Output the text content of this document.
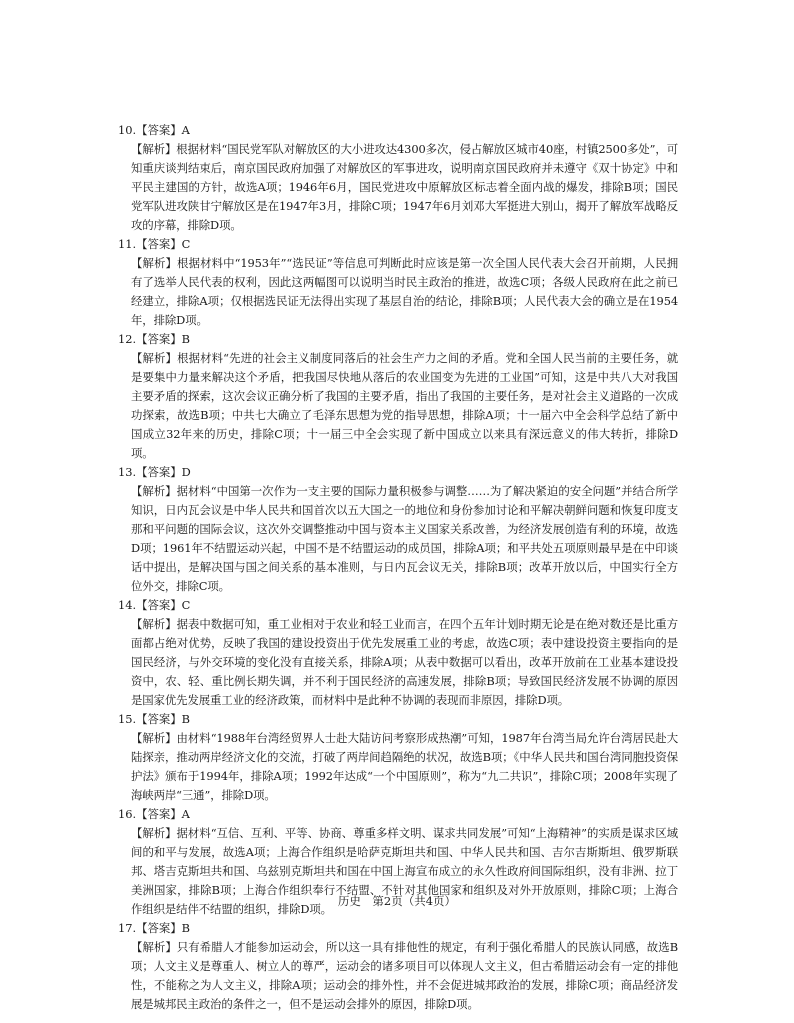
10.【答案】A

【解析】根据材料“国民党军队对解放区的大小进攻达4300多次，侵占解放区城市40座，村镇2500多处”，可知重庆谈判结束后，南京国民政府加强了对解放区的军事进攻，说明南京国民政府并未遵守《双十协定》中和平民主建国的方针，故选A项；1946年6月，国民党进攻中原解放区标志着全面内战的爆发，排除B项；国民党军队进攻陕甘宁解放区是在1947年3月，排除C项；1947年6月刘邓大军挺进大别山，揭开了解放军战略反攻的序幕，排除D项。

11.【答案】C

【解析】根据材料中“1953年”“选民证”等信息可判断此时应该是第一次全国人民代表大会召开前期，人民拥有了选举人民代表的权利，因此这两幅图可以说明当时民主政治的推进，故选C项；各级人民政府在此之前已经建立，排除A项；仅根据选民证无法得出实现了基层自治的结论，排除B项；人民代表大会的确立是在1954年，排除D项。

12.【答案】B

【解析】根据材料“先进的社会主义制度同落后的社会生产力之间的矛盾。党和全国人民当前的主要任务，就是要集中力量来解决这个矛盾，把我国尽快地从落后的农业国变为先进的工业国”可知，这是中共八大对我国主要矛盾的探索，这次会议正确分析了我国的主要矛盾，指出了我国的主要任务，是对社会主义道路的一次成功探索，故选B项；中共七大确立了毛泽东思想为党的指导思想，排除A项；十一届六中全会科学总结了新中国成立32年来的历史，排除C项；十一届三中全会实现了新中国成立以来具有深远意义的伟大转折，排除D项。

13.【答案】D

【解析】据材料“中国第一次作为一支主要的国际力量积极参与调整……为了解决紧迫的安全问题”并结合所学知识，日内瓦会议是中华人民共和国首次以五大国之一的地位和身份参加讨论和平解决朝鲜问题和恢复印度支那和平问题的国际会议，这次外交调整推动中国与资本主义国家关系改善，为经济发展创造有利的环境，故选D项；1961年不结盟运动兴起，中国不是不结盟运动的成员国，排除A项；和平共处五项原则最早是在中印谈话中提出，是解决国与国之间关系的基本准则，与日内瓦会议无关，排除B项；改革开放以后，中国实行全方位外交，排除C项。

14.【答案】C

【解析】据表中数据可知，重工业相对于农业和轻工业而言，在四个五年计划时期无论是在绝对数还是比重方面都占绝对优势，反映了我国的建设投资出于优先发展重工业的考虑，故选C项；表中建设投资主要指向的是国民经济，与外交环境的变化没有直接关系，排除A项；从表中数据可以看出，改革开放前在工业基本建设投资中，农、轻、重比例长期失调，并不利于国民经济的高速发展，排除B项；导致国民经济发展不协调的原因是国家优先发展重工业的经济政策，而材料中是此种不协调的表现而非原因，排除D项。

15.【答案】B

【解析】由材料“1988年台湾经贸界人士赴大陆访问考察形成热潮”可知，1987年台湾当局允许台湾居民赴大陆探亲，推动两岸经济文化的交流，打破了两岸间趋隔绝的状况，故选B项；《中华人民共和国台湾同胞投资保护法》颁布于1994年，排除A项；1992年达成“一个中国原则”，称为“九二共识”，排除C项；2008年实现了海峡两岸“三通”，排除D项。

16.【答案】A

【解析】据材料“互信、互利、平等、协商、尊重多样文明、谋求共同发展”可知“上海精神”的实质是谋求区域间的和平与发展，故选A项；上海合作组织是哈萨克斯坦共和国、中华人民共和国、吉尔吉斯斯坦、俄罗斯联邦、塔吉克斯坦共和国、乌兹别克斯坦共和国在中国上海宣布成立的永久性政府间国际组织，没有非洲、拉丁美洲国家，排除B项；上海合作组织奉行不结盟、不针对其他国家和组织及对外开放原则，排除C项；上海合作组织是结伴不结盟的组织，排除D项。

17.【答案】B

【解析】只有希腊人才能参加运动会，所以这一具有排他性的规定，有利于强化希腊人的民族认同感，故选B项；人文主义是尊重人、树立人的尊严，运动会的诸多项目可以体现人文主义，但古希腊运动会有一定的排他性，不能称之为人文主义，排除A项；运动会的排外性，并不会促进城邦政治的发展，排除C项；商品经济发展是城邦民主政治的条件之一，但不是运动会排外的原因，排除D项。

历史　第2页（共4页）
